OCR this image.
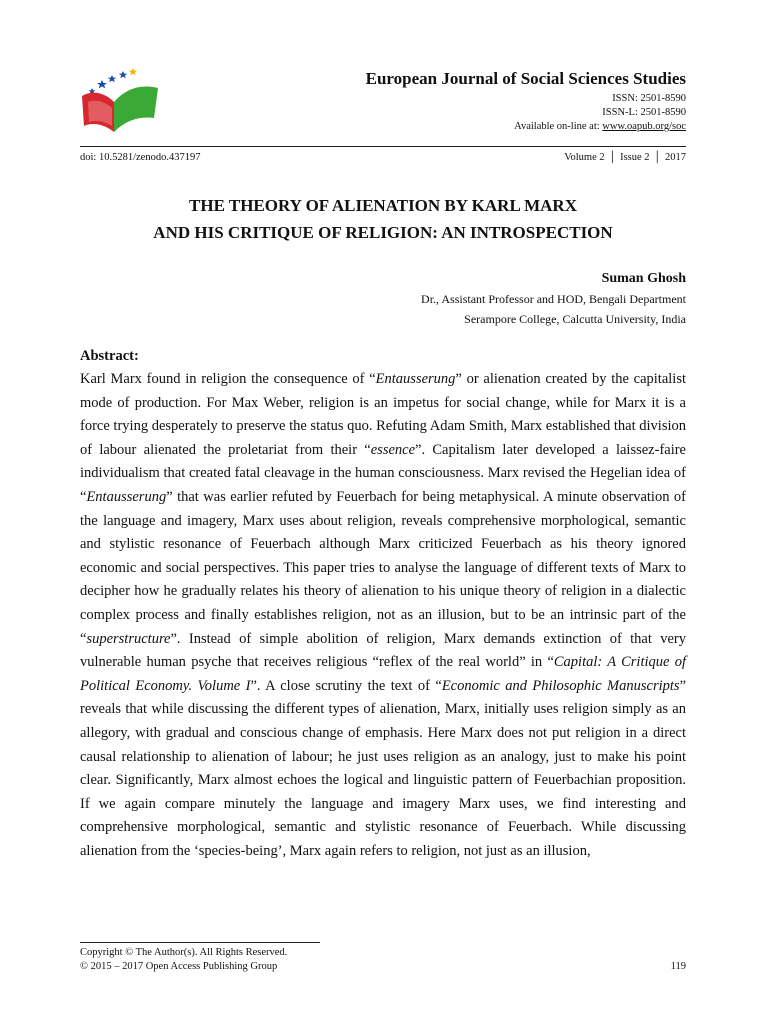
European Journal of Social Sciences Studies
ISSN: 2501-8590
ISSN-L: 2501-8590
Available on-line at: www.oapub.org/soc
doi: 10.5281/zenodo.437197	Volume 2 │ Issue 2 │ 2017
THE THEORY OF ALIENATION BY KARL MARX
AND HIS CRITIQUE OF RELIGION: AN INTROSPECTION
Suman Ghosh
Dr., Assistant Professor and HOD, Bengali Department
Serampore College, Calcutta University, India
Abstract:
Karl Marx found in religion the consequence of “Entausserung” or alienation created by the capitalist mode of production. For Max Weber, religion is an impetus for social change, while for Marx it is a force trying desperately to preserve the status quo. Refuting Adam Smith, Marx established that division of labour alienated the proletariat from their “essence”. Capitalism later developed a laissez-faire individualism that created fatal cleavage in the human consciousness. Marx revised the Hegelian idea of “Entausserung” that was earlier refuted by Feuerbach for being metaphysical. A minute observation of the language and imagery, Marx uses about religion, reveals comprehensive morphological, semantic and stylistic resonance of Feuerbach although Marx criticized Feuerbach as his theory ignored economic and social perspectives. This paper tries to analyse the language of different texts of Marx to decipher how he gradually relates his theory of alienation to his unique theory of religion in a dialectic complex process and finally establishes religion, not as an illusion, but to be an intrinsic part of the “superstructure”. Instead of simple abolition of religion, Marx demands extinction of that very vulnerable human psyche that receives religious “reflex of the real world” in “Capital: A Critique of Political Economy. Volume I”. A close scrutiny the text of “Economic and Philosophic Manuscripts” reveals that while discussing the different types of alienation, Marx, initially uses religion simply as an allegory, with gradual and conscious change of emphasis. Here Marx does not put religion in a direct causal relationship to alienation of labour; he just uses religion as an analogy, just to make his point clear. Significantly, Marx almost echoes the logical and linguistic pattern of Feuerbachian proposition. If we again compare minutely the language and imagery Marx uses, we find interesting and comprehensive morphological, semantic and stylistic resonance of Feuerbach. While discussing alienation from the ‘species-being’, Marx again refers to religion, not just as an illusion,
Copyright © The Author(s). All Rights Reserved.
© 2015 – 2017 Open Access Publishing Group	119
